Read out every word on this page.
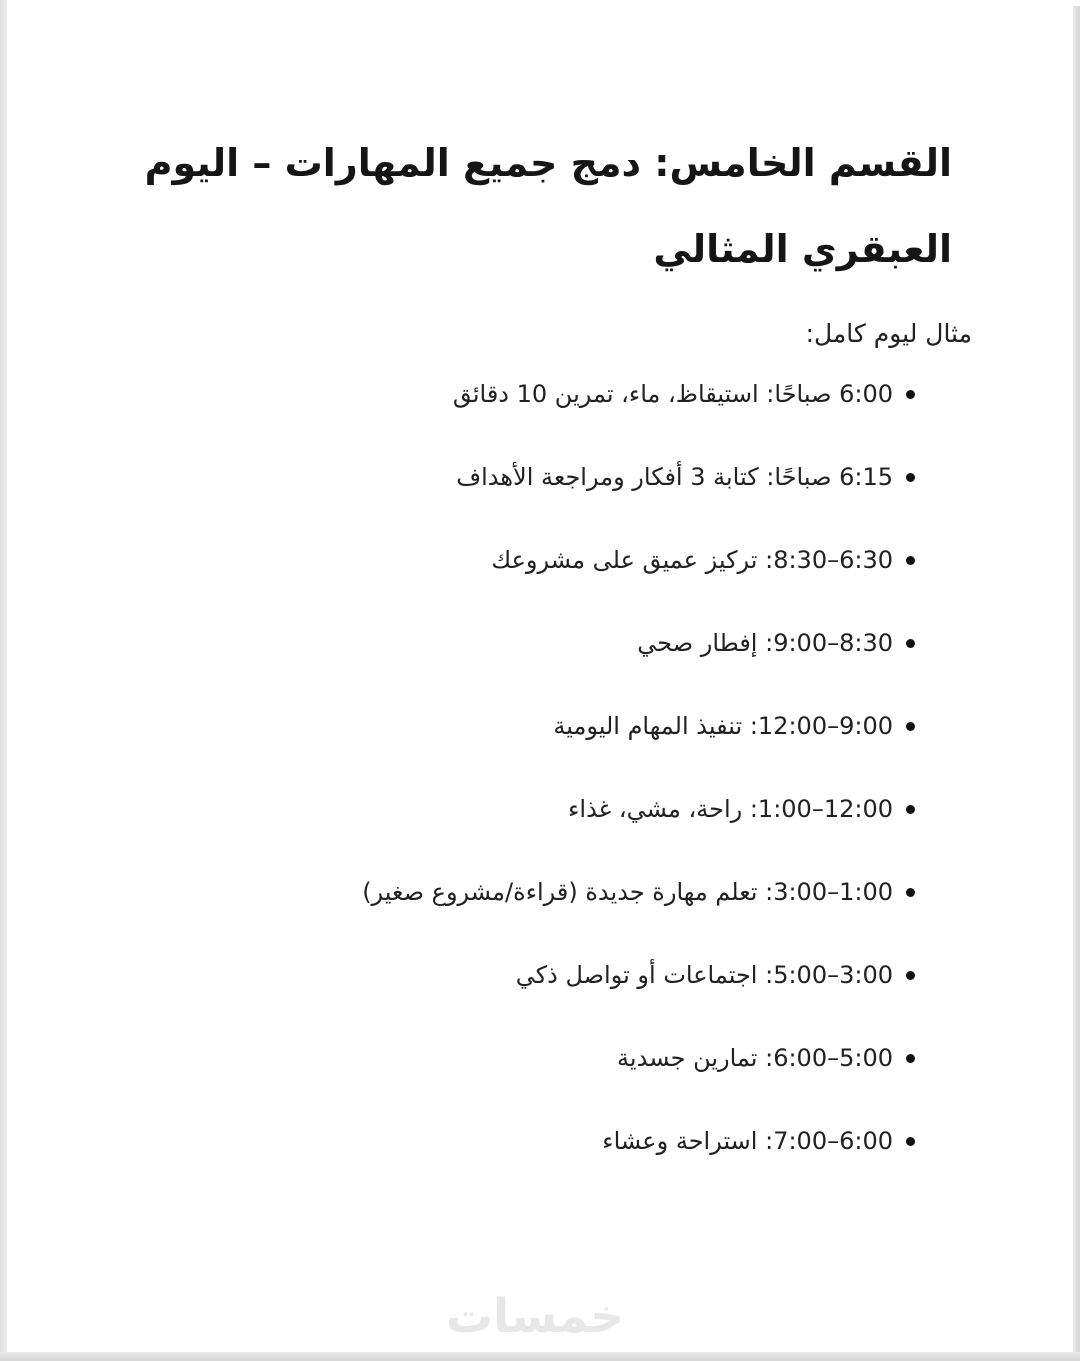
القسم الخامس: دمج جميع المهارات – اليوم
العبقري المثالي

مثال ليوم كامل:

6:00 صباحًا: استيقاظ، ماء، تمرين 10 دقائق
6:15 صباحًا: كتابة 3 أفكار ومراجعة الأهداف
6:30–8:30: تركيز عميق على مشروعك
8:30–9:00: إفطار صحي
9:00–12:00: تنفيذ المهام اليومية
12:00–1:00: راحة، مشي، غذاء
1:00–3:00: تعلم مهارة جديدة (قراءة/مشروع صغير)
3:00–5:00: اجتماعات أو تواصل ذكي
5:00–6:00: تمارين جسدية
6:00–7:00: استراحة وعشاء
خمسات
